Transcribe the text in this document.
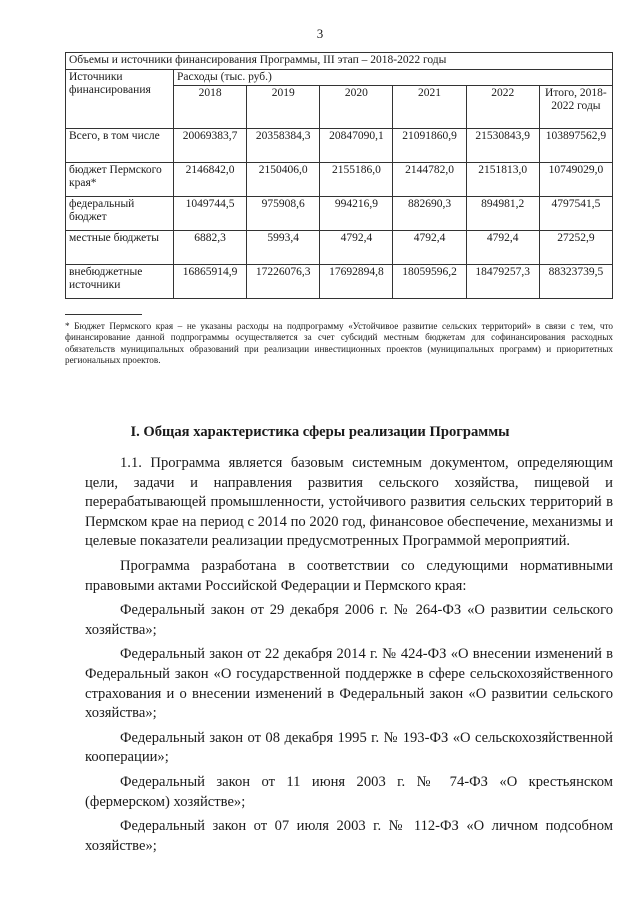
3
Объемы и источники финансирования Программы, III этап – 2018-2022 годы						
Источники финансирования	Расходы (тыс. руб.)					
	2018	2019	2020	2021	2022	Итого, 2018-2022 годы
Всего, в том числе	20069383,7	20358384,3	20847090,1	21091860,9	21530843,9	103897562,9
бюджет Пермского края*	2146842,0	2150406,0	2155186,0	2144782,0	2151813,0	10749029,0
федеральный бюджет	1049744,5	975908,6	994216,9	882690,3	894981,2	4797541,5
местные бюджеты	6882,3	5993,4	4792,4	4792,4	4792,4	27252,9
внебюджетные источники	16865914,9	17226076,3	17692894,8	18059596,2	18479257,3	88323739,5
* Бюджет Пермского края – не указаны расходы на подпрограмму «Устойчивое развитие сельских территорий» в связи с тем, что финансирование данной подпрограммы осуществляется за счет субсидий местным бюджетам для софинансирования расходных обязательств муниципальных образований при реализации инвестиционных проектов (муниципальных программ) и приоритетных региональных проектов.
I. Общая характеристика сферы реализации Программы

1.1. Программа является базовым системным документом, определяющим цели, задачи и направления развития сельского хозяйства, пищевой и перерабатывающей промышленности, устойчивого развития сельских территорий в Пермском крае на период с 2014 по 2020 год, финансовое обеспечение, механизмы и целевые показатели реализации предусмотренных Программой мероприятий.

Программа разработана в соответствии со следующими нормативными правовыми актами Российской Федерации и Пермского края:

Федеральный закон от 29 декабря 2006 г. № 264-ФЗ «О развитии сельского хозяйства»;

Федеральный закон от 22 декабря 2014 г. № 424-ФЗ «О внесении изменений в Федеральный закон «О государственной поддержке в сфере сельскохозяйственного страхования и о внесении изменений в Федеральный закон «О развитии сельского хозяйства»;

Федеральный закон от 08 декабря 1995 г. № 193-ФЗ «О сельскохозяйственной кооперации»;

Федеральный закон от 11 июня 2003 г. № 74-ФЗ «О крестьянском (фермерском) хозяйстве»;

Федеральный закон от 07 июля 2003 г. № 112-ФЗ «О личном подсобном хозяйстве»;
